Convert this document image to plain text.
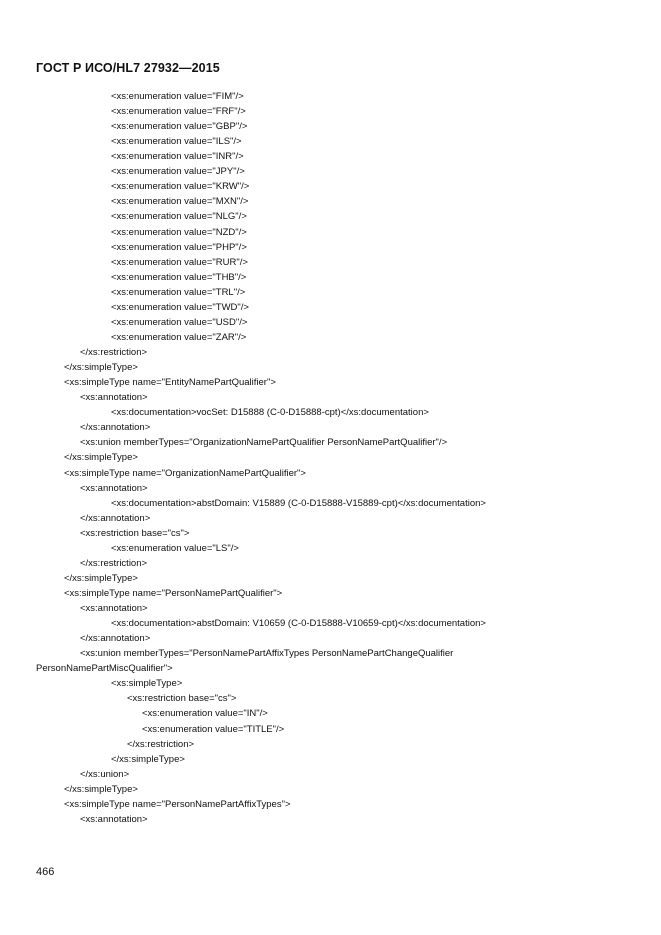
ГОСТ Р ИСО/HL7 27932—2015
<xs:enumeration value="FIM"/>
<xs:enumeration value="FRF"/>
<xs:enumeration value="GBP"/>
<xs:enumeration value="ILS"/>
<xs:enumeration value="INR"/>
<xs:enumeration value="JPY"/>
<xs:enumeration value="KRW"/>
<xs:enumeration value="MXN"/>
<xs:enumeration value="NLG"/>
<xs:enumeration value="NZD"/>
<xs:enumeration value="PHP"/>
<xs:enumeration value="RUR"/>
<xs:enumeration value="THB"/>
<xs:enumeration value="TRL"/>
<xs:enumeration value="TWD"/>
<xs:enumeration value="USD"/>
<xs:enumeration value="ZAR"/>
</xs:restriction>
</xs:simpleType>
<xs:simpleType name="EntityNamePartQualifier">
<xs:annotation>
<xs:documentation>vocSet: D15888 (C-0-D15888-cpt)</xs:documentation>
</xs:annotation>
<xs:union memberTypes="OrganizationNamePartQualifier PersonNamePartQualifier"/>
</xs:simpleType>
<xs:simpleType name="OrganizationNamePartQualifier">
<xs:annotation>
<xs:documentation>abstDomain: V15889 (C-0-D15888-V15889-cpt)</xs:documentation>
</xs:annotation>
<xs:restriction base="cs">
<xs:enumeration value="LS"/>
</xs:restriction>
</xs:simpleType>
<xs:simpleType name="PersonNamePartQualifier">
<xs:annotation>
<xs:documentation>abstDomain: V10659 (C-0-D15888-V10659-cpt)</xs:documentation>
</xs:annotation>
<xs:union memberTypes="PersonNamePartAffixTypes PersonNamePartChangeQualifier
PersonNamePartMiscQualifier">
<xs:simpleType>
<xs:restriction base="cs">
<xs:enumeration value="IN"/>
<xs:enumeration value="TITLE"/>
</xs:restriction>
</xs:simpleType>
</xs:union>
</xs:simpleType>
<xs:simpleType name="PersonNamePartAffixTypes">
<xs:annotation>
466
